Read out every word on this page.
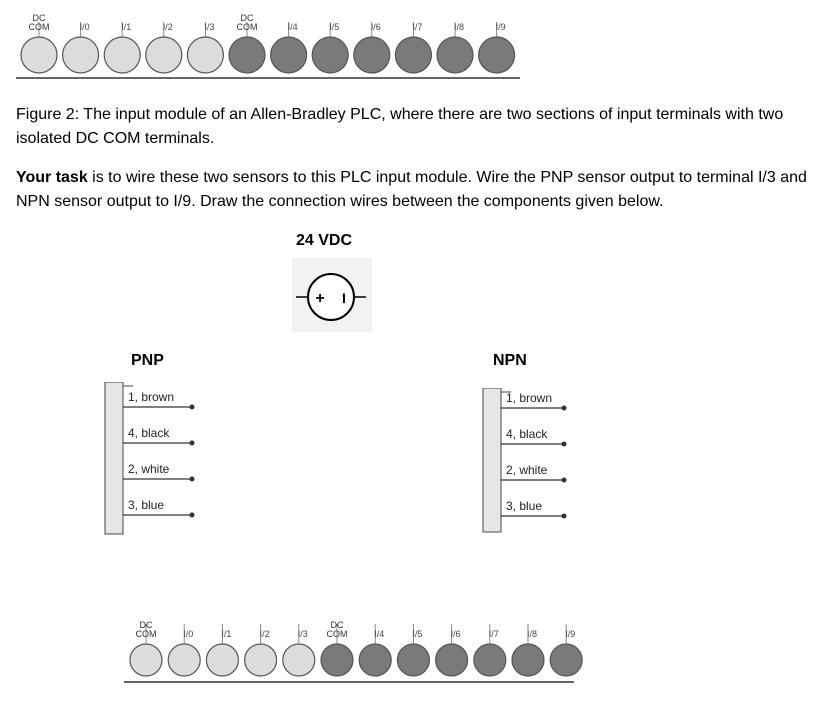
DC
COM	I/0	I/1	I/2	I/3
DC
COM	I/4	I/5	I/6	I/7	I/8	I/9
Figure 2: The input module of an Allen-Bradley PLC, where there are two sections of input terminals with two isolated DC COM terminals.
Your task is to wire these two sensors to this PLC input module. Wire the PNP sensor output to terminal I/3 and NPN sensor output to I/9. Draw the connection wires between the components given below.
24 VDC
+ I
PNP
1, brown
4, black
2, white
3, blue
NPN
1, brown
4, black
2, white
3, blue
DC
COM	I/0	I/1	I/2	I/3
DC
COM	I/4	I/5	I/6	I/7	I/8	I/9
